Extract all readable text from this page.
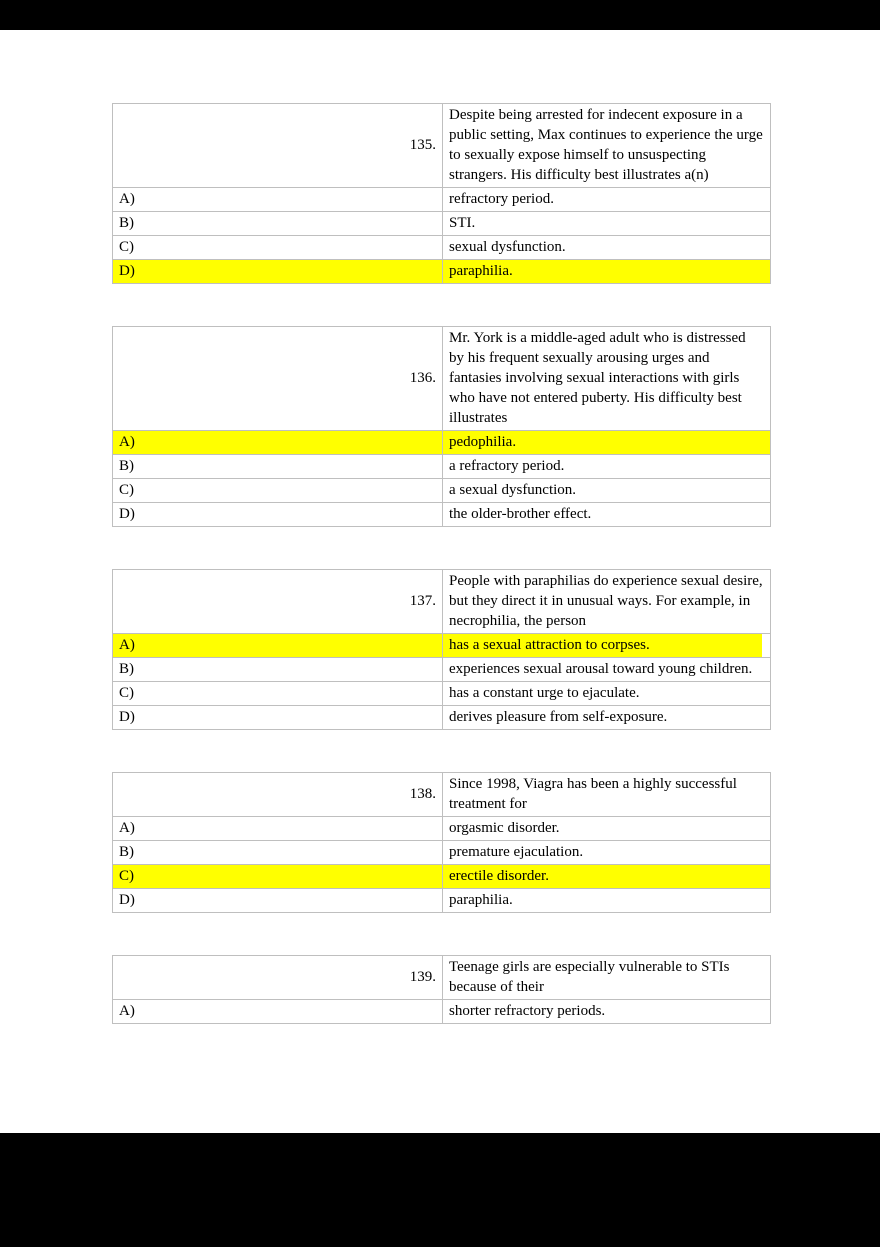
135.	Despite being arrested for indecent exposure in a public setting, Max continues to experience the urge to sexually expose himself to unsuspecting strangers. His difficulty best illustrates a(n)
A)	refractory period.
B)	STI.
C)	sexual dysfunction.
D)	paraphilia.
136.	Mr. York is a middle-aged adult who is distressed by his frequent sexually arousing urges and fantasies involving sexual interactions with girls who have not entered puberty. His difficulty best illustrates
A)	pedophilia.
B)	a refractory period.
C)	a sexual dysfunction.
D)	the older-brother effect.
137.	People with paraphilias do experience sexual desire, but they direct it in unusual ways. For example, in necrophilia, the person
A)	has a sexual attraction to corpses.

B)	experiences sexual arousal toward young children.
C)	has a constant urge to ejaculate.
D)	derives pleasure from self-exposure.
138.	Since 1998, Viagra has been a highly successful treatment for
A)	orgasmic disorder.
B)	premature ejaculation.
C)	erectile disorder.
D)	paraphilia.
139.	Teenage girls are especially vulnerable to STIs because of their
A)	shorter refractory periods.
